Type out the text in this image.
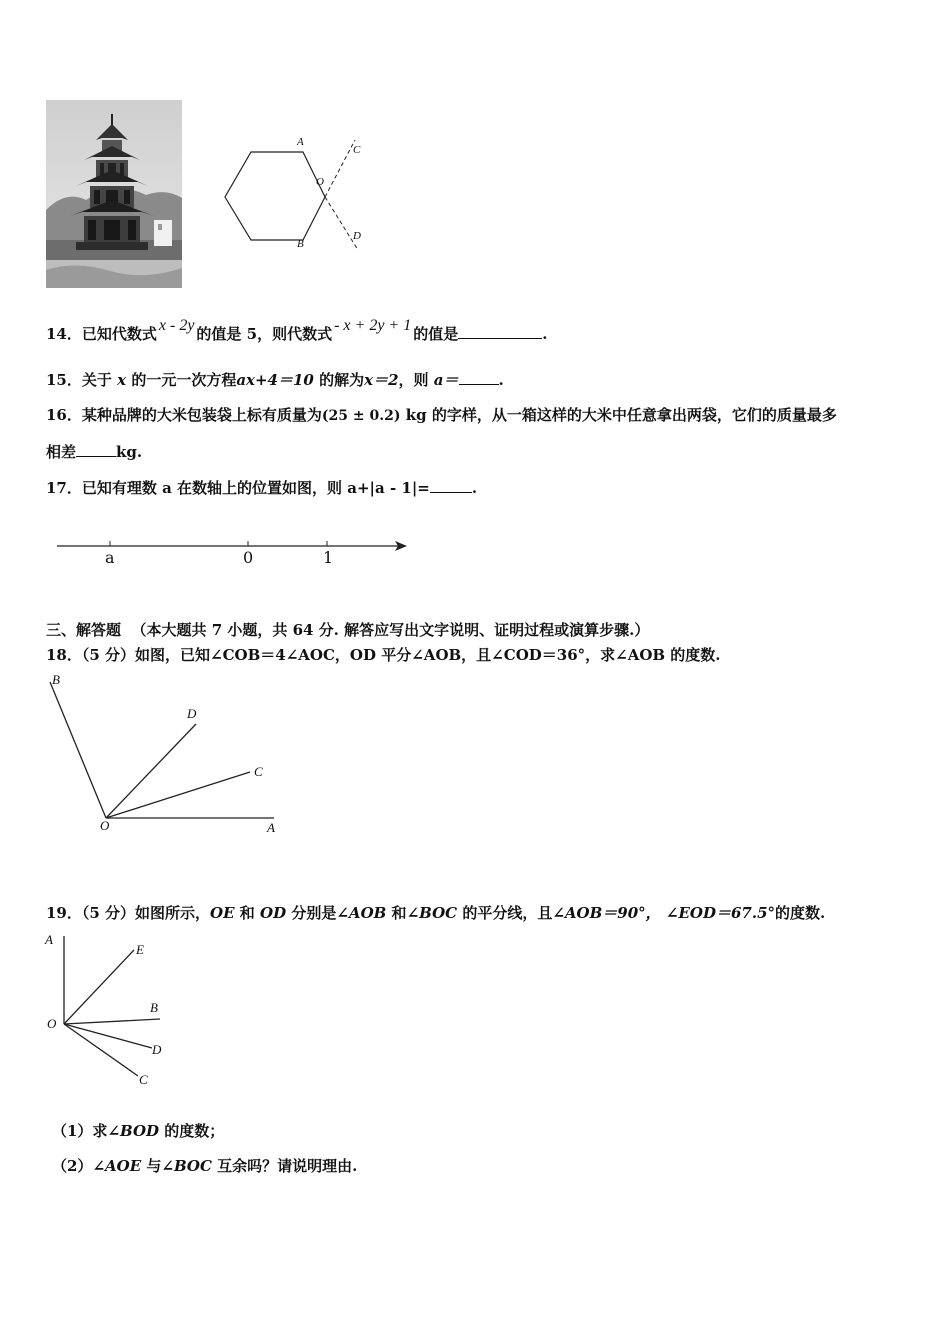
A
B
C
D
O
14．已知代数式 x - 2y 的值是 5，则代数式 - x + 2y + 1 的值是	.
15．关于 x 的一元一次方程ax+4＝10 的解为x＝2，则 a＝	.
16．某种品牌的大米包装袋上标有质量为(25 ± 0.2) kg 的字样，从一箱这样的大米中任意拿出两袋，它们的质量最多
相差	kg.
17．已知有理数 a 在数轴上的位置如图，则 a+|a - 1|=	.
a	0	1
三、解答题 （本大题共 7 小题，共 64 分. 解答应写出文字说明、证明过程或演算步骤.）
18．（5 分）如图，已知∠COB＝4∠AOC，OD 平分∠AOB，且∠COD＝36°，求∠AOB 的度数.
B
D
C
O	A
19．（5 分）如图所示，OE 和 OD 分别是∠AOB 和∠BOC 的平分线，且∠AOB＝90°， ∠EOD＝67.5°的度数.
A
E
B
O
D
C
（1）求∠BOD 的度数；
（2）∠AOE 与∠BOC 互余吗？请说明理由.
